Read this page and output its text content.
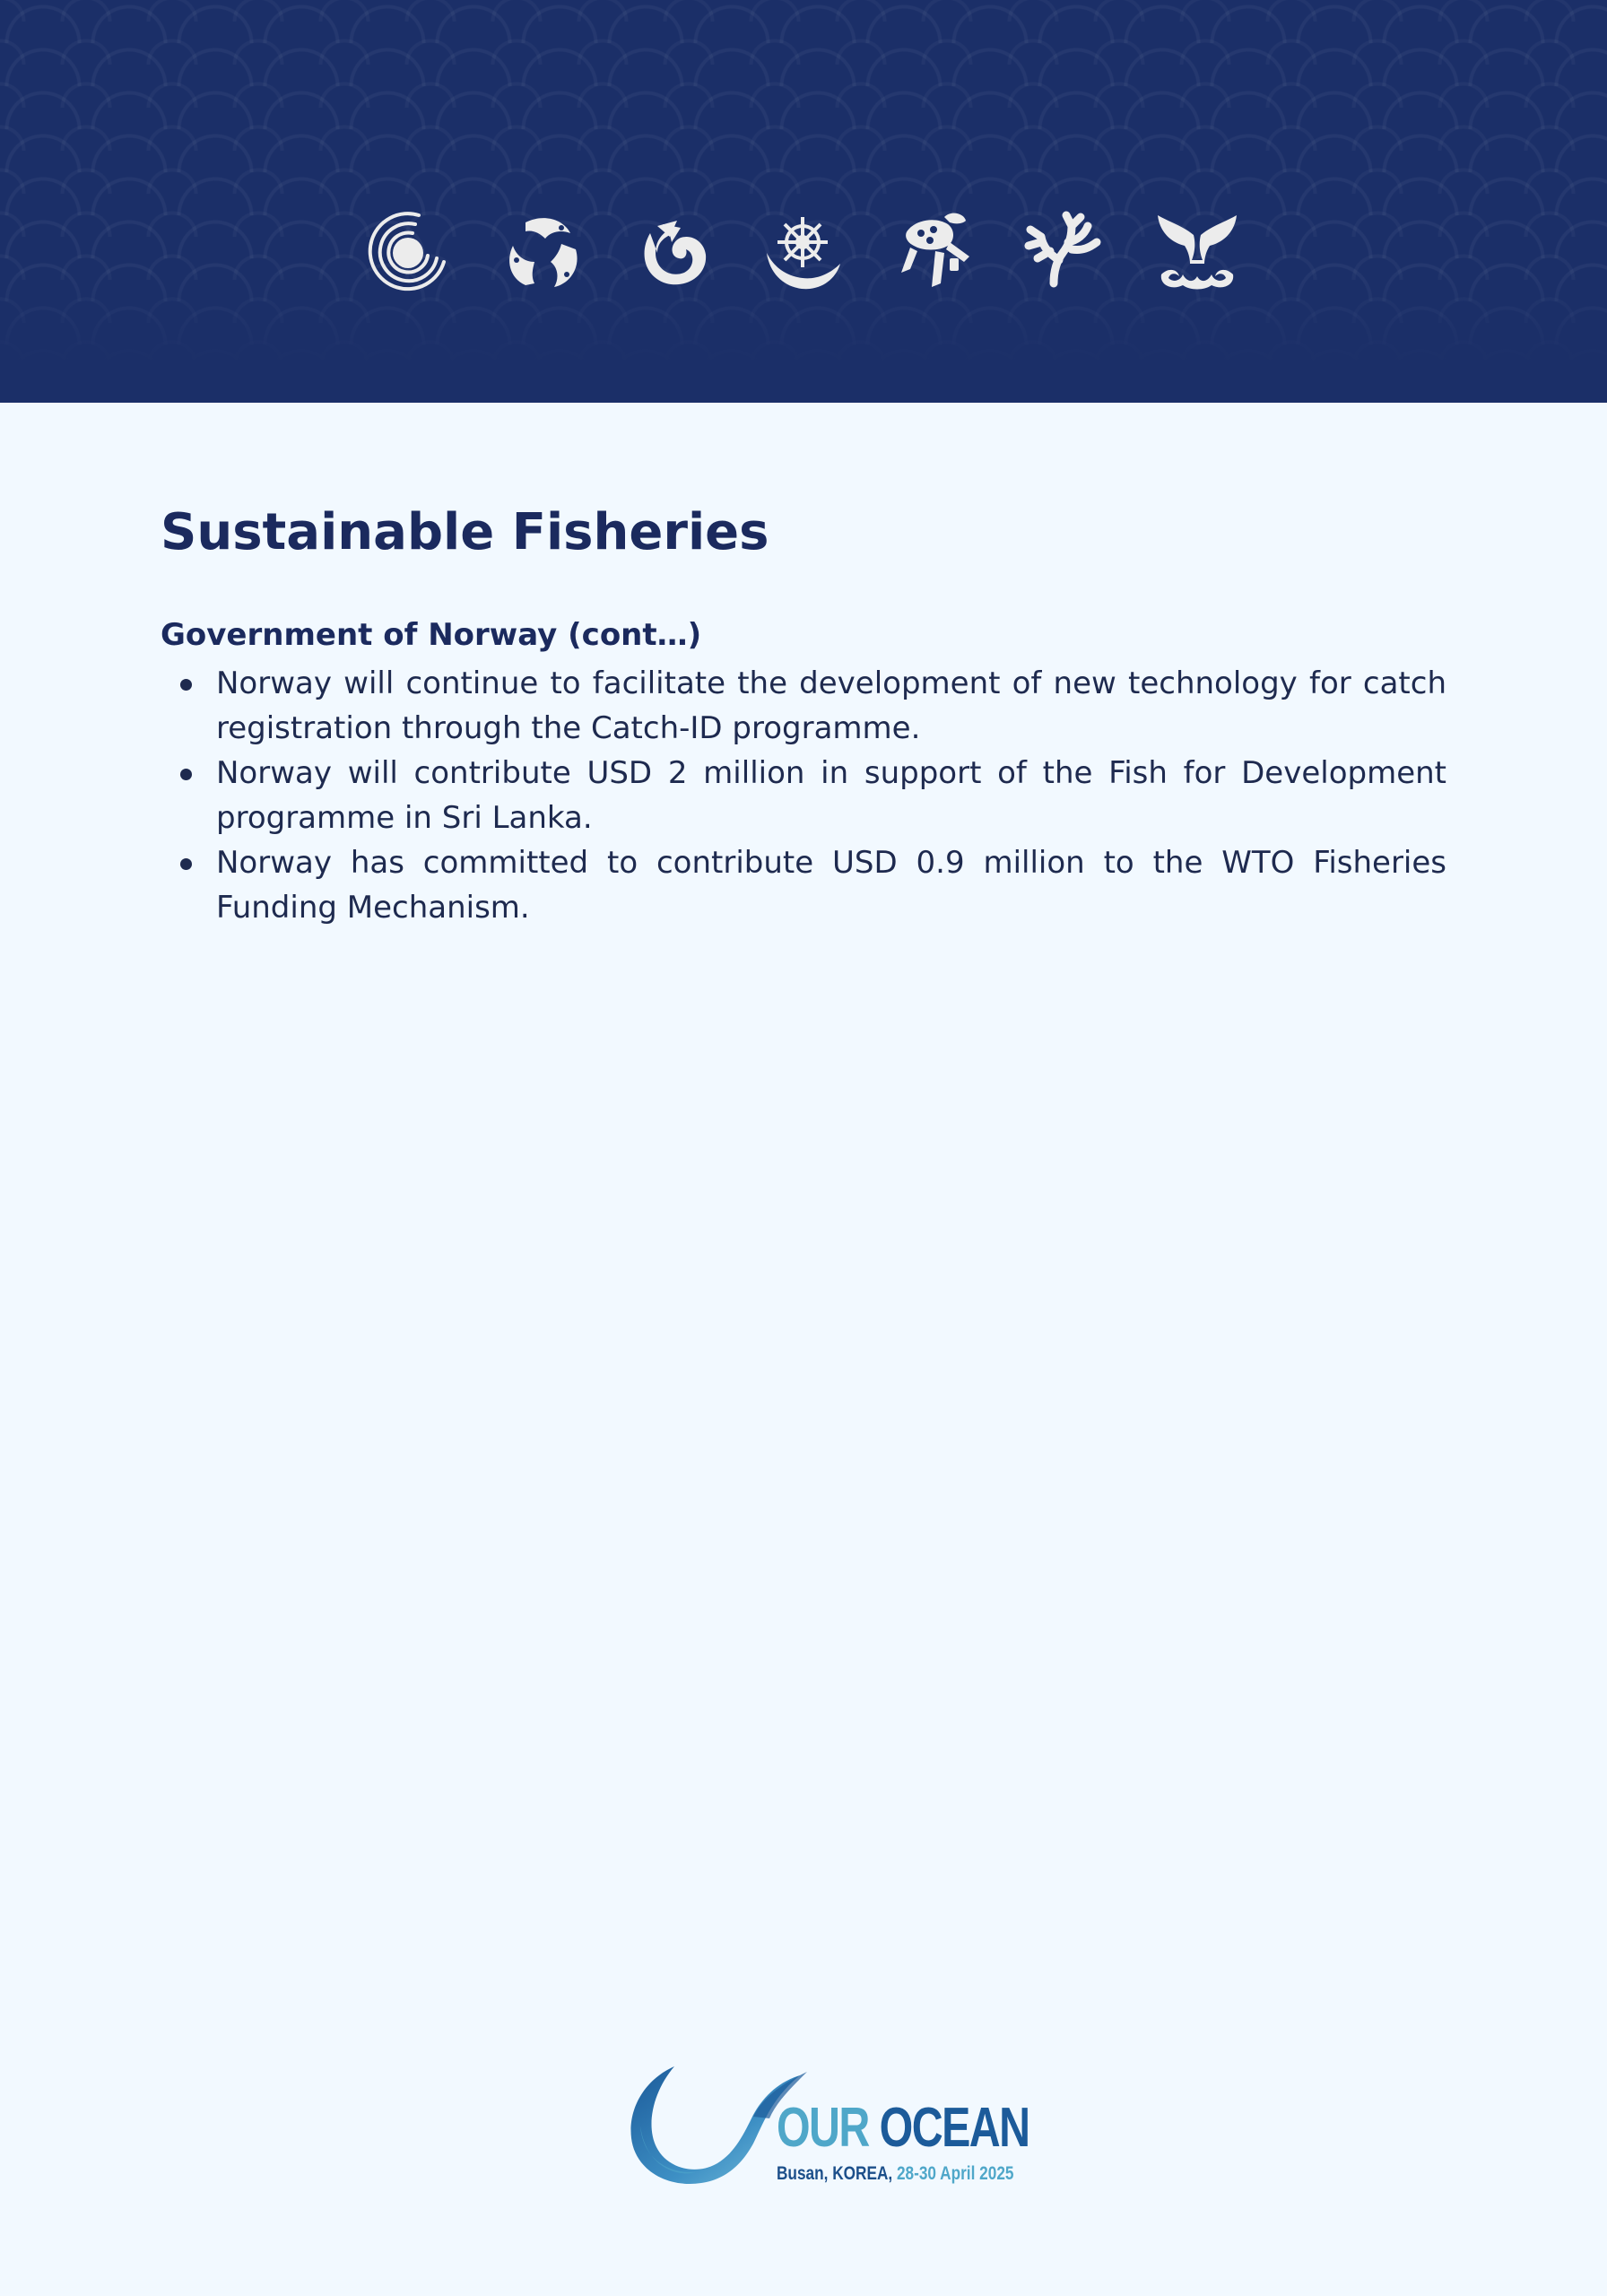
Sustainable Fisheries
Government of Norway (cont…)
Norway will continue to facilitate the development of new technology for catch registration through the Catch-ID programme.
Norway will contribute USD 2 million in support of the Fish for Development programme in Sri Lanka.
Norway has committed to contribute USD 0.9 million to the WTO Fisheries Funding Mechanism.
OUR OCEAN
Busan, KOREA, 28-30 April 2025
